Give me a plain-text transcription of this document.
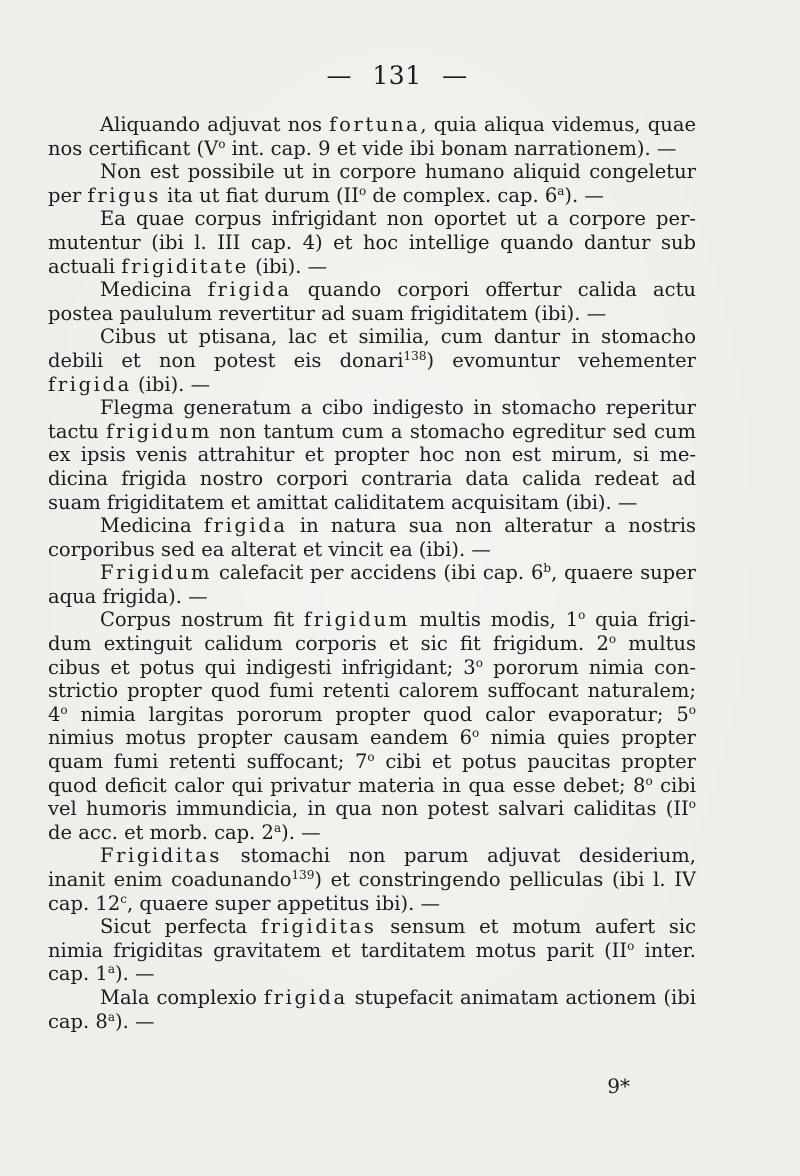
— 131 —

Aliquando adjuvat nos fortuna, quia aliqua videmus, quae nos certificant ($V^o$ int. cap. 9 et vide ibi bonam narrationem). —

Non est possibile ut in corpore humano aliquid congeletur per frigus ita ut fiat durum ($II^o$ de complex. cap. 6$^a$). —

Ea quae corpus infrigidant non oportet ut a corpore permutentur (ibi l. III cap. 4) et hoc intellige quando dantur sub actuali frigiditate (ibi). —

Medicina frigida quando corpori offertur calida actu postea paululum revertitur ad suam frigiditatem (ibi). —

Cibus ut ptisana, lac et similia, cum dantur in stomacho debili et non potest eis donari$^{138}$) evomuntur vehementer frigida (ibi). —

Flegma generatum a cibo indigesto in stomacho reperitur tactu frigidum non tantum cum a stomacho egreditur sed cum ex ipsis venis attrahitur et propter hoc non est mirum, si medicina frigida nostro corpori contraria data calida redeat ad suam frigiditatem et amittat caliditatem acquisitam (ibi). —

Medicina frigida in natura sua non alteratur a nostris corporibus sed ea alterat et vincit ea (ibi). —

Frigidum calefacit per accidens (ibi cap. 6$^b$, quaere super aqua frigida). —

Corpus nostrum fit frigidum multis modis, 1$^o$ quia frigidum extinguit calidum corporis et sic fit frigidum. 2$^o$ multus cibus et potus qui indigesti infrigidant; 3$^o$ pororum nimia constrictio propter quod fumi retenti calorem suffocant naturalem; 4$^o$ nimia largitas pororum propter quod calor evaporatur; 5$^o$ nimius motus propter causam eandem 6$^o$ nimia quies propter quam fumi retenti suffocant; 7$^o$ cibi et potus paucitas propter quod deficit calor qui privatur materia in qua esse debet; 8$^o$ cibi vel humoris immundicia, in qua non potest salvari caliditas ($II^o$ de acc. et morb. cap. 2$^a$). —

Frigiditas stomachi non parum adjuvat desiderium, inanit enim coadunando$^{139}$) et constringendo pelliculas (ibi l. IV cap. 12$^c$, quaere super appetitus ibi). —

Sicut perfecta frigiditas sensum et motum aufert sic nimia frigiditas gravitatem et tarditatem motus parit ($II^o$ inter. cap. 1$^a$). —

Mala complexio frigida stupefacit animatam actionem (ibi cap. 8$^a$). —

9*
